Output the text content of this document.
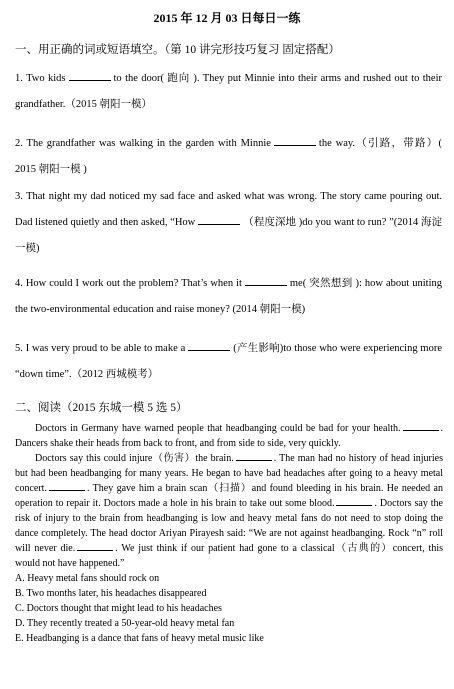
2015 年 12 月 03 日每日一练
一、用正确的词或短语填空。（第 10 讲完形技巧复习 固定搭配）
1. Two kids	to the door( 跑向 ). They put Minnie into their arms and rushed out to their grandfather.（2015 朝阳一模）
2. The grandfather was walking in the garden with Minnie	the way.（引路，带路）( 2015 朝阳一模 )
3. That night my dad noticed my sad face and asked what was wrong. The story came pouring out. Dad listened quietly and then asked, “How	（程度深地 )do you want to run? ”(2014 海淀一模)
4. How could I work out the problem? That’s when it	me( 突然想到 ): how about uniting the two-environmental education and raise money? (2014 朝阳一模)
5. I was very proud to be able to make a	(产生影响)to those who were experiencing more “down time”.（2012 西城模考）
二、阅读（2015 东城一模 5 选 5）

Doctors in Germany have warned people that headbanging could be bad for your health.	. Dancers shake their heads from back to front, and from side to side, very quickly.

Doctors say this could injure（伤害）the brain.	. The man had no history of head injuries but had been headbanging for many years. He began to have bad headaches after going to a heavy metal concert.	. They gave him a brain scan（扫描）and found bleeding in his brain. He needed an operation to repair it. Doctors made a hole in his brain to take out some blood.	. Doctors say the risk of injury to the brain from headbanging is low and heavy metal fans do not need to stop doing the dance completely. The head doctor Ariyan Pirayesh said: “We are not against headbanging. Rock “n” roll will never die.	. We just think if our patient had gone to a classical（古典的）concert, this would not have happened.”

A. Heavy metal fans should rock on
B. Two months later, his headaches disappeared
C. Doctors thought that might lead to his headaches
D. They recently treated a 50-year-old heavy metal fan
E. Headbanging is a dance that fans of heavy metal music like
